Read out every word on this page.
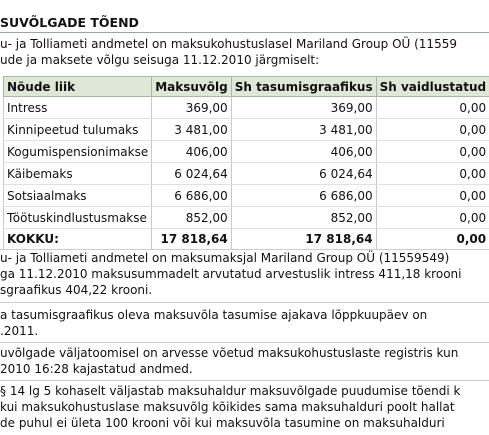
SUVÕLGADE TÕEND
u- ja Tolliameti andmetel on maksukohustuslasel Mariland Group OÜ (11559
ude ja maksete võlgu seisuga 11.12.2010 järgmiselt:
Nõude liik	Maksuvõlg	Sh tasumisgraafikus	Sh vaidlustatud
Intress	369,00	369,00	0,00
Kinnipeetud tulumaks	3 481,00	3 481,00	0,00
Kogumispensionimakse	406,00	406,00	0,00
Käibemaks	6 024,64	6 024,64	0,00
Sotsiaalmaks	6 686,00	6 686,00	0,00
Töötuskindlustusmakse	852,00	852,00	0,00
KOKKU:	17 818,64	17 818,64	0,00
u- ja Tolliameti andmetel on maksumaksjal Mariland Group OÜ (11559549)
ga 11.12.2010 maksusummadelt arvutatud arvestuslik intress 411,18 krooni
sgraafikus 404,22 krooni.
a tasumisgraafikus oleva maksuvõla tasumise ajakava lõppkuupäev on
.2011.
uvõlgade väljatoomisel on arvesse võetud maksukohustuslaste registris kun
2010 16:28 kajastatud andmed.
§ 14 lg 5 kohaselt väljastab maksuhaldur maksuvõlgade puudumise tõendi k
kui maksukohustuslase maksuvõlg kõikides sama maksuhalduri poolt hallat
de puhul ei ületa 100 krooni või kui maksuvõla tasumine on maksuhalduri
